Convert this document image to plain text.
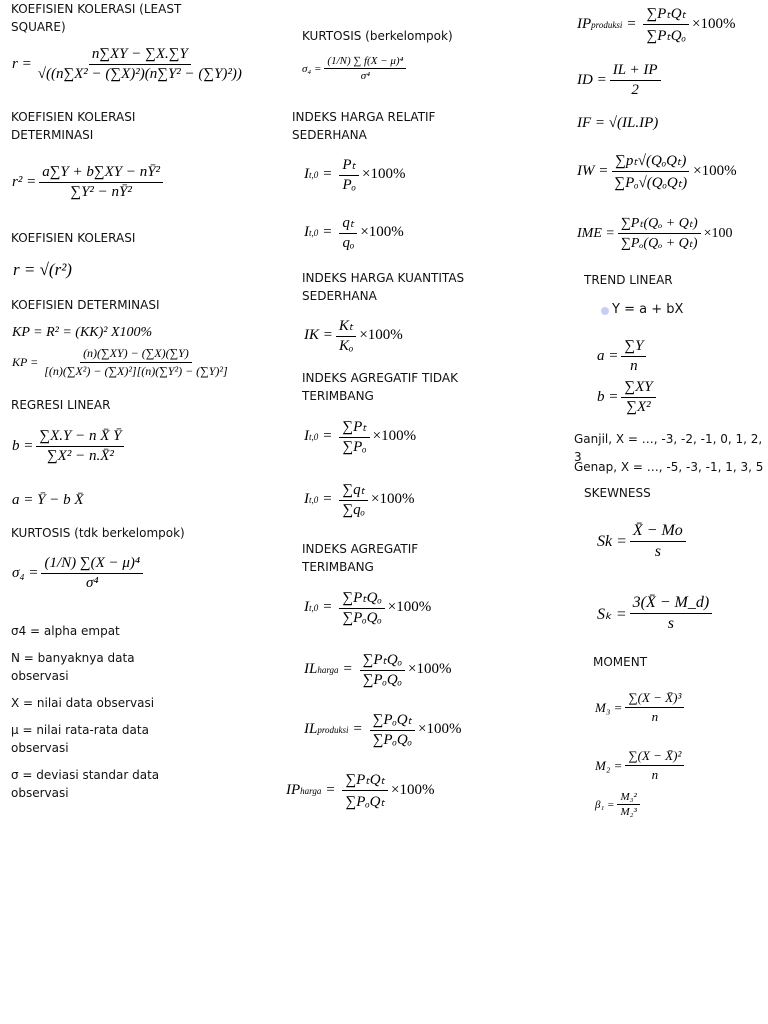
KOEFISIEN KOLERASI (LEAST
SQUARE)
$r = \frac{n\sum XY - \sum X.\sum Y}{\text{√((n∑X² − (∑X)²)(n∑Y² − (∑Y)²))}}$
KOEFISIEN KOLERASI
DETERMINASI
$r^2 = \frac{\text{a∑Y + b∑XY − nȲ²}}{\text{∑Y² − nȲ²}}$
KOEFISIEN KOLERASI
r = √(r²)
KOEFISIEN DETERMINASI
KP = R² = (KK)² X100%
KP = $\frac{(n)(\sum XY) - (\sum X)(\sum Y)}{\text{[(n)(∑X²) − (∑X)²][(n)(∑Y²) − (∑Y)²]}}$
REGRESI LINEAR
$b = \frac{\text{∑X.Y − n X̄ Ȳ}}{\text{∑X² − n.X̄²}}$
a = Ȳ − b X̄
KURTOSIS (tdk berkelompok)
$\sigma_4 = \frac{\text{(1/N) ∑(X − μ)⁴}}{\text{σ⁴}}$
σ4 = alpha empat
N = banyaknya data
observasi
X = nilai data observasi
µ = nilai rata-rata data
observasi
σ = deviasi standar data
observasi
KURTOSIS (berkelompok)
$\sigma_4 = \frac{\text{(1/N) ∑ f(X − μ)⁴}}{\text{σ⁴}}$
INDEKS HARGA RELATIF
SEDERHANA
I $t,0 = \frac{\text{Pₜ}}{\text{Pₒ}} \times 100\%$
I $t,0 = \frac{\text{qₜ}}{\text{qₒ}} \times 100\%$
INDEKS HARGA KUANTITAS
SEDERHANA
IK = $\frac{\text{Kₜ}}{\text{Kₒ}} \times 100\%$
INDEKS AGREGATIF TIDAK
TERIMBANG
I $t,0 = \frac{\text{∑Pₜ}}{\text{∑Pₒ}} \times 100\%$
I $t,0 = \frac{\text{∑qₜ}}{\text{∑qₒ}} \times 100\%$
INDEKS AGREGATIF
TERIMBANG
I $t,0 = \frac{\text{∑PₜQₒ}}{\text{∑PₒQₒ}} \times 100\%$
IL harga = $\frac{\text{∑PₜQₒ}}{\text{∑PₒQₒ}} \times 100\%$
IL produksi = $\frac{\text{∑PₒQₜ}}{\text{∑PₒQₒ}} \times 100\%$
IP harga = $\frac{\text{∑PₜQₜ}}{\text{∑PₒQₜ}} \times 100\%$
IP produksi = $\frac{\text{∑PₜQₜ}}{\text{∑PₜQₒ}} \times 100\%$
ID = $\frac{IL + IP}{2}$
IF = √(IL.IP)
IW = $\frac{\text{∑pₜ√(QₒQₜ)}}{\text{∑Pₒ√(QₒQₜ)}} \times 100\%$
IME = $\frac{\text{∑Pₜ(Qₒ + Qₜ)}}{\text{∑Pₒ(Qₒ + Qₜ)}} \times 100$
TREND LINEAR
Y = a + bX
$a = \frac{\sum Y}{n}$
$b = \frac{\sum XY}{\text{∑X²}}$
Ganjil, X = …, -3, -2, -1, 0, 1, 2, 3
Genap, X = …, -5, -3, -1, 1, 3, 5
SKEWNESS
$Sk = \frac{X̄ - Mo}{s}$
$S_k = \frac{3(X̄ - M\_d)}{s}$
MOMENT
$M_3 = \frac{\text{∑(X − X̄)³}}{n}$
$M_2 = \frac{\text{∑(X − X̄)²}}{n}$
$\beta_1 = \frac{\text{M₃²}}{\text{M₂³}}$
